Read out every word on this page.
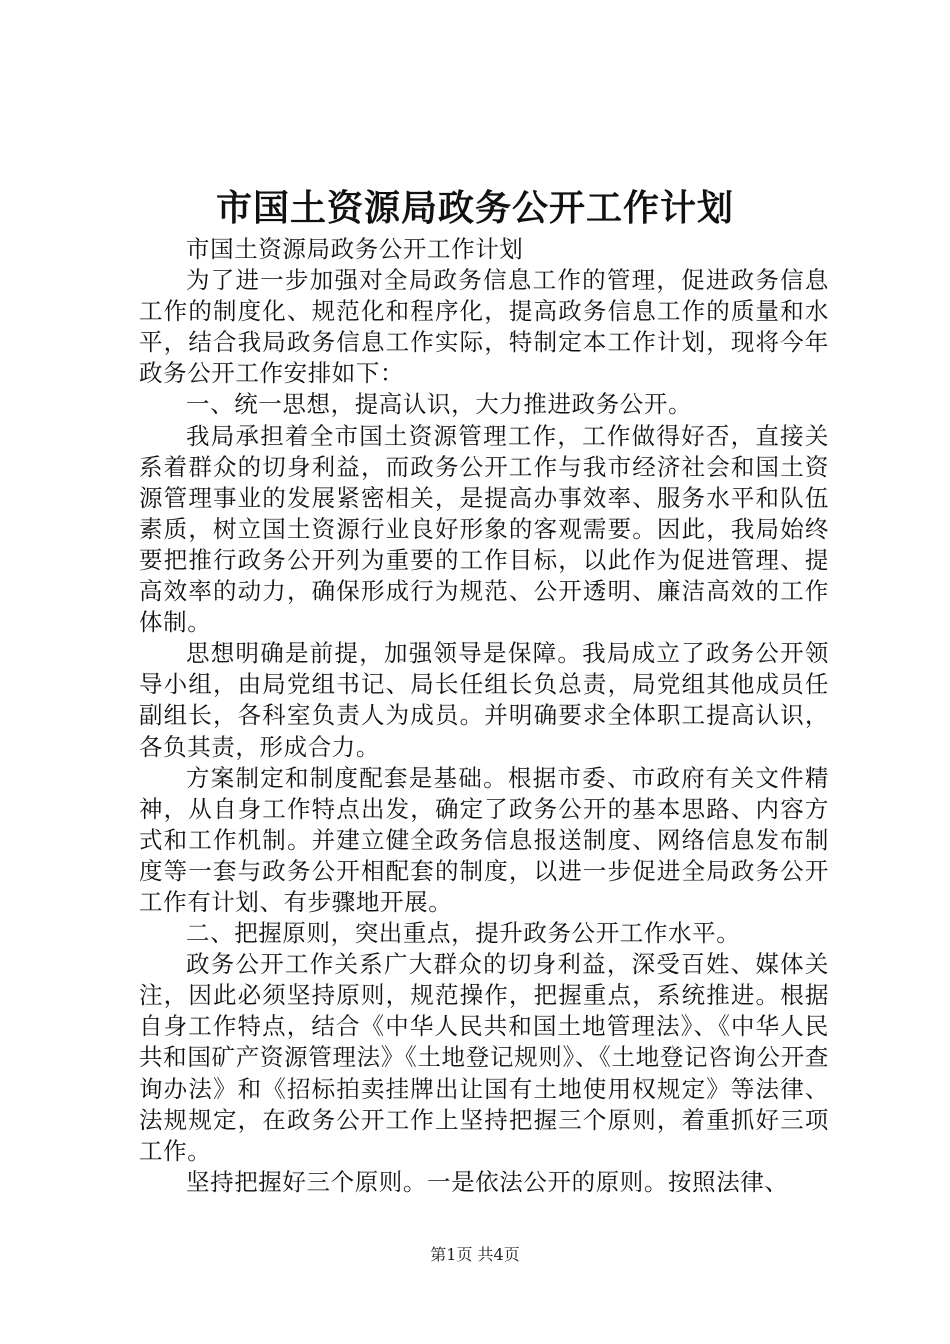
市国土资源局政务公开工作计划

市国土资源局政务公开工作计划

为了进一步加强对全局政务信息工作的管理，促进政务信息工作的制度化、规范化和程序化，提高政务信息工作的质量和水平，结合我局政务信息工作实际，特制定本工作计划，现将今年政务公开工作安排如下：

一、统一思想，提高认识，大力推进政务公开。

我局承担着全市国土资源管理工作，工作做得好否，直接关系着群众的切身利益，而政务公开工作与我市经济社会和国土资源管理事业的发展紧密相关，是提高办事效率、服务水平和队伍素质，树立国土资源行业良好形象的客观需要。因此，我局始终要把推行政务公开列为重要的工作目标，以此作为促进管理、提高效率的动力，确保形成行为规范、公开透明、廉洁高效的工作体制。

思想明确是前提，加强领导是保障。我局成立了政务公开领导小组，由局党组书记、局长任组长负总责，局党组其他成员任副组长，各科室负责人为成员。并明确要求全体职工提高认识，各负其责，形成合力。

方案制定和制度配套是基础。根据市委、市政府有关文件精神，从自身工作特点出发，确定了政务公开的基本思路、内容方式和工作机制。并建立健全政务信息报送制度、网络信息发布制度等一套与政务公开相配套的制度，以进一步促进全局政务公开工作有计划、有步骤地开展。

二、把握原则，突出重点，提升政务公开工作水平。

政务公开工作关系广大群众的切身利益，深受百姓、媒体关注，因此必须坚持原则，规范操作，把握重点，系统推进。根据自身工作特点，结合《中华人民共和国土地管理法》、《中华人民共和国矿产资源管理法》《土地登记规则》、《土地登记咨询公开查询办法》和《招标拍卖挂牌出让国有土地使用权规定》等法律、法规规定，在政务公开工作上坚持把握三个原则，着重抓好三项工作。

坚持把握好三个原则。一是依法公开的原则。按照法律、

第1页 共4页
